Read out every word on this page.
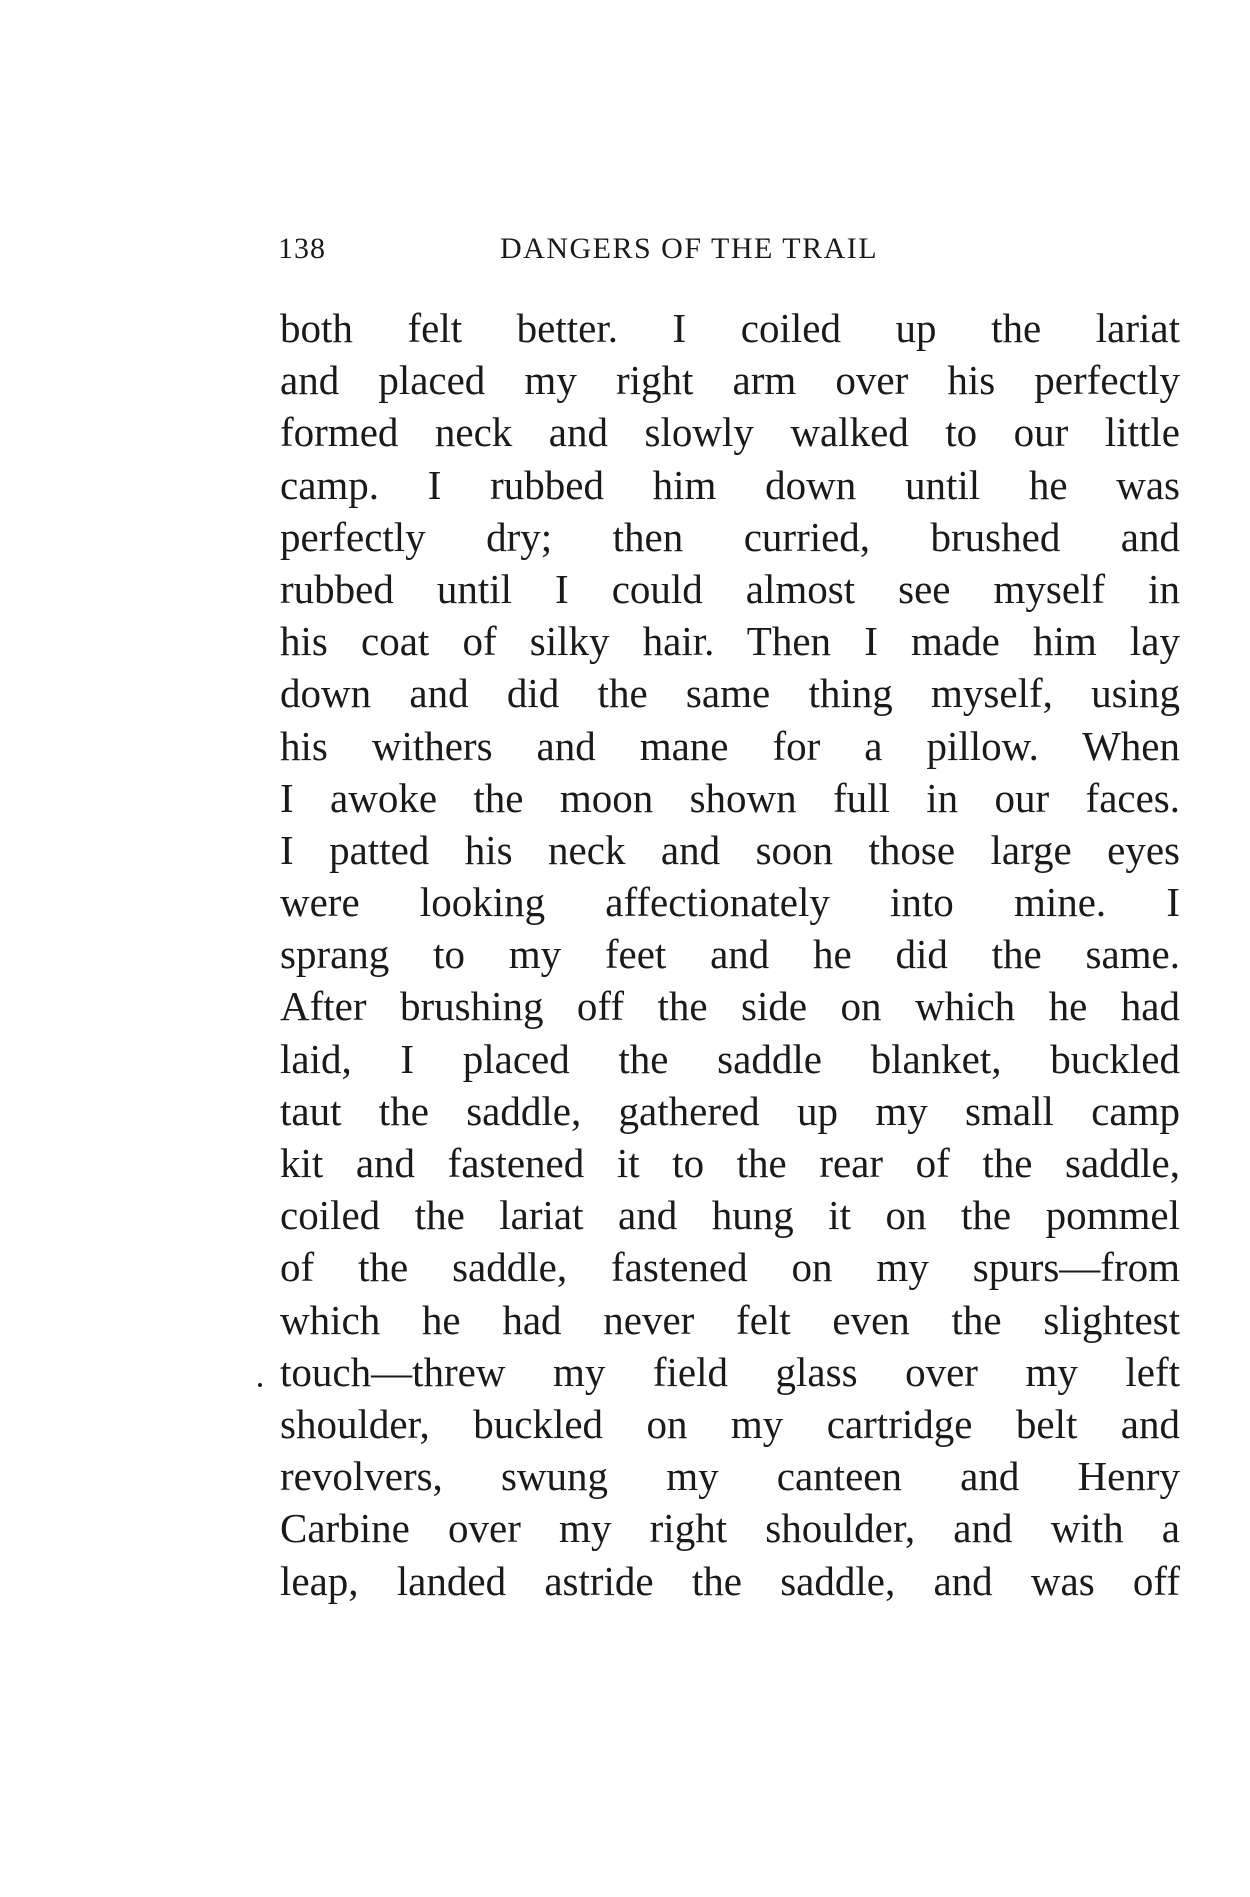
138	DANGERS OF THE TRAIL
both felt better. I coiled up the lariat
and placed my right arm over his perfectly
formed neck and slowly walked to our little
camp. I rubbed him down until he was
perfectly dry; then curried, brushed and
rubbed until I could almost see myself in
his coat of silky hair. Then I made him lay
down and did the same thing myself, using
his withers and mane for a pillow. When
I awoke the moon shown full in our faces.
I patted his neck and soon those large eyes
were looking affectionately into mine. I
sprang to my feet and he did the same.
After brushing off the side on which he had
laid, I placed the saddle blanket, buckled
taut the saddle, gathered up my small camp
kit and fastened it to the rear of the saddle,
coiled the lariat and hung it on the pommel
of the saddle, fastened on my spurs—from
which he had never felt even the slightest
touch—threw my field glass over my left
shoulder, buckled on my cartridge belt and
revolvers, swung my canteen and Henry
Carbine over my right shoulder, and with a
leap, landed astride the saddle, and was off
